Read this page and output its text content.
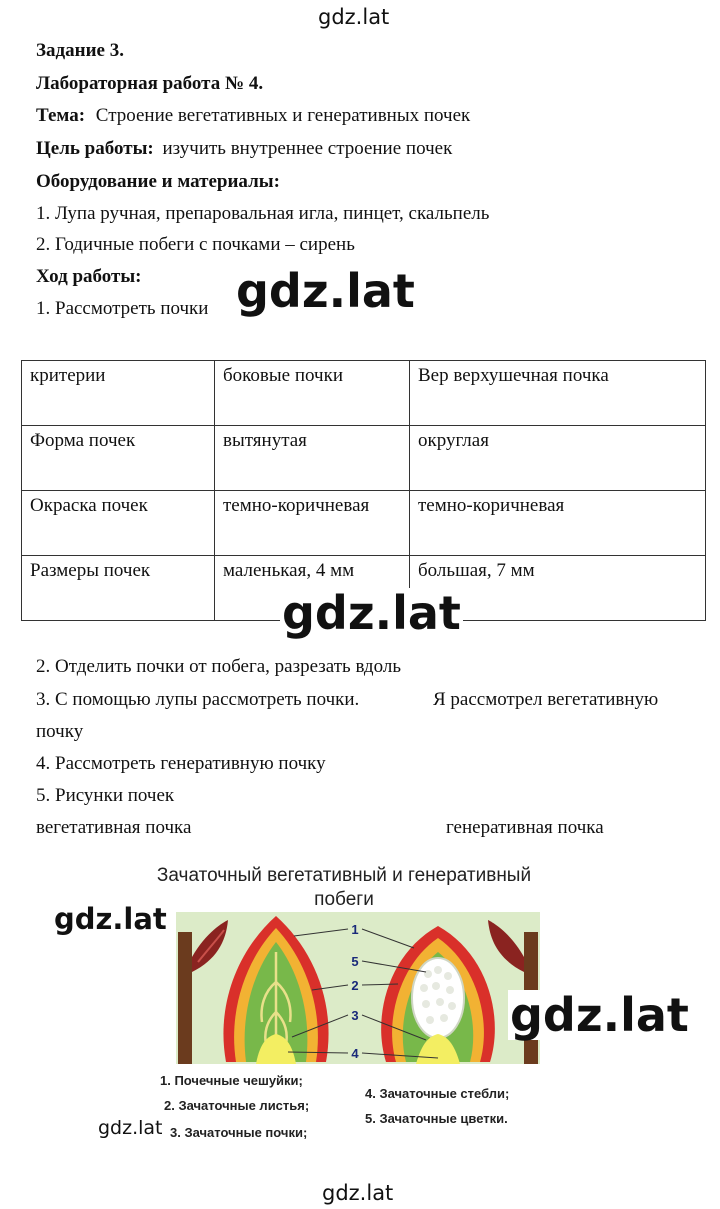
gdz.lat
Задание 3.
Лабораторная работа № 4.
Тема: Строение вегетативных и генеративных почек
Цель работы: изучить внутреннее строение почек
Оборудование и материалы:
1. Лупа ручная, препаровальная игла, пинцет, скальпель
2. Годичные побеги с почками – сирень
Ход работы:
1. Рассмотреть почки gdz.lat
критерии	боковые почки	Вер верхушечная почка
Форма почек	вытянутая	округлая
Окраска почек	темно-коричневая	темно-коричневая
Размеры почек	маленькая, 4 мм	большая, 7 мм
gdz.lat
2. Отделить почки от побега, разрезать вдоль
3. С помощью лупы рассмотреть почки.	Я рассмотрел вегетативную
почку
4. Рассмотреть генеративную почку
5. Рисунки почек
вегетативная почка	генеративная почка
Зачаточный вегетативный и генеративный
побеги
1
5
2
3
4
gdz.lat
gdz.lat
1. Почечные чешуйки;
2. Зачаточные листья;
3. Зачаточные почки;
4. Зачаточные стебли;
5. Зачаточные цветки.
gdz.lat
gdz.lat
